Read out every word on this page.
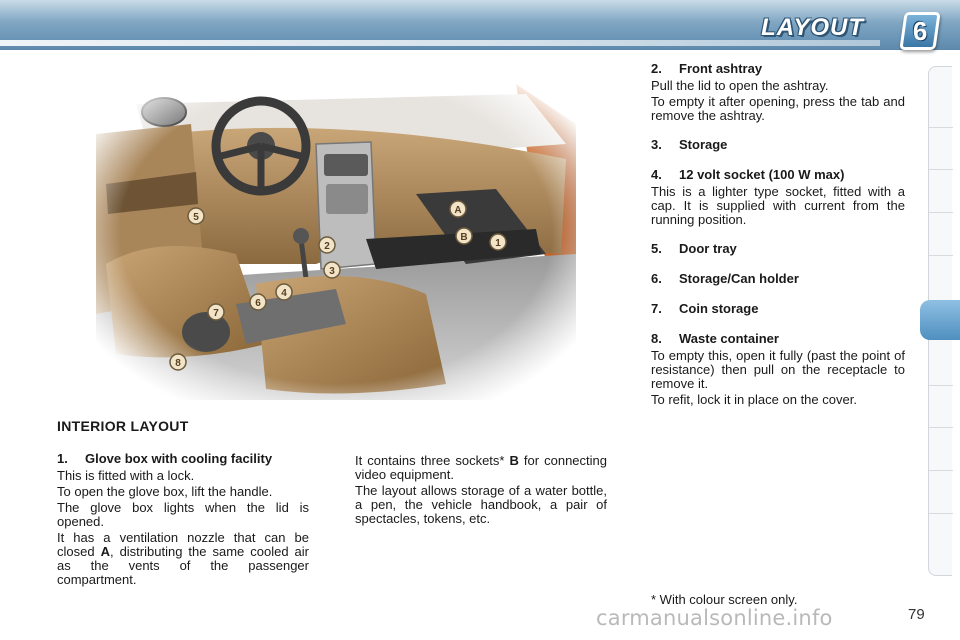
LAYOUT 6
5
A
B
1
2
3
4
6
7
8
INTERIOR LAYOUT
1. Glove box with cooling facility

This is fitted with a lock.

To open the glove box, lift the handle.

The glove box lights when the lid is opened.

It has a ventilation nozzle that can be closed A, distributing the same cooled air as the vents of the passenger compartment.

It contains three sockets* B for connecting video equipment.

The layout allows storage of a water bottle, a pen, the vehicle handbook, a pair of spectacles, tokens, etc.

2. Front ashtray

Pull the lid to open the ashtray.

To empty it after opening, press the tab and remove the ashtray.

3. Storage
4. 12 volt socket (100 W max)

This is a lighter type socket, fitted with a cap. It is supplied with current from the running position.

5. Door tray
6. Storage/Can holder
7. Coin storage
8. Waste container

To empty this, open it fully (past the point of resistance) then pull on the receptacle to remove it.

To refit, lock it in place on the cover.

* With colour screen only.
carmanualsonline.info	79
